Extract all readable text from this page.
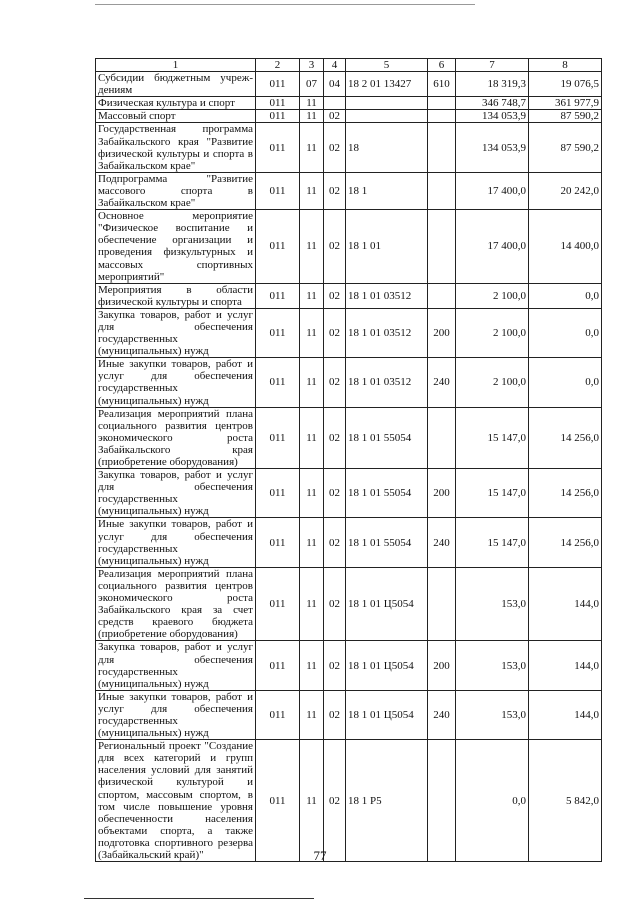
1	2	3	4	5	6	7	8
Субсидии бюджетным учреж-дениям	011	07	04	18 2 01 13427	610	18 319,3	19 076,5
Физическая культура и спорт	011	11				346 748,7	361 977,9
Массовый спорт	011	11	02			134 053,9	87 590,2
Государственная программа Забайкальского края "Развитие физической культуры и спорта в Забайкальском крае"	011	11	02	18		134 053,9	87 590,2
Подпрограмма "Развитие массового спорта в Забайкальском крае"	011	11	02	18 1		17 400,0	20 242,0
Основное мероприятие "Физическое воспитание и обеспечение организации и проведения физкультурных и массовых спортивных мероприятий"	011	11	02	18 1 01		17 400,0	14 400,0
Мероприятия в области физической культуры и спорта	011	11	02	18 1 01 03512		2 100,0	0,0
Закупка товаров, работ и услуг для обеспечения государственных (муниципальных) нужд	011	11	02	18 1 01 03512	200	2 100,0	0,0
Иные закупки товаров, работ и услуг для обеспечения государственных (муниципальных) нужд	011	11	02	18 1 01 03512	240	2 100,0	0,0
Реализация мероприятий плана социального развития центров экономического роста Забайкальского края (приобретение оборудования)	011	11	02	18 1 01 55054		15 147,0	14 256,0
Закупка товаров, работ и услуг для обеспечения государственных (муниципальных) нужд	011	11	02	18 1 01 55054	200	15 147,0	14 256,0
Иные закупки товаров, работ и услуг для обеспечения государственных (муниципальных) нужд	011	11	02	18 1 01 55054	240	15 147,0	14 256,0
Реализация мероприятий плана социального развития центров экономического роста Забайкальского края за счет средств краевого бюджета (приобретение оборудования)	011	11	02	18 1 01 Ц5054		153,0	144,0
Закупка товаров, работ и услуг для обеспечения государственных (муниципальных) нужд	011	11	02	18 1 01 Ц5054	200	153,0	144,0
Иные закупки товаров, работ и услуг для обеспечения государственных (муниципальных) нужд	011	11	02	18 1 01 Ц5054	240	153,0	144,0
Региональный проект "Создание для всех категорий и групп населения условий для занятий физической культурой и спортом, массовым спортом, в том числе повышение уровня обеспеченности населения объектами спорта, а также подготовка спортивного резерва (Забайкальский край)"	011	11	02	18 1 P5		0,0	5 842,0
77
